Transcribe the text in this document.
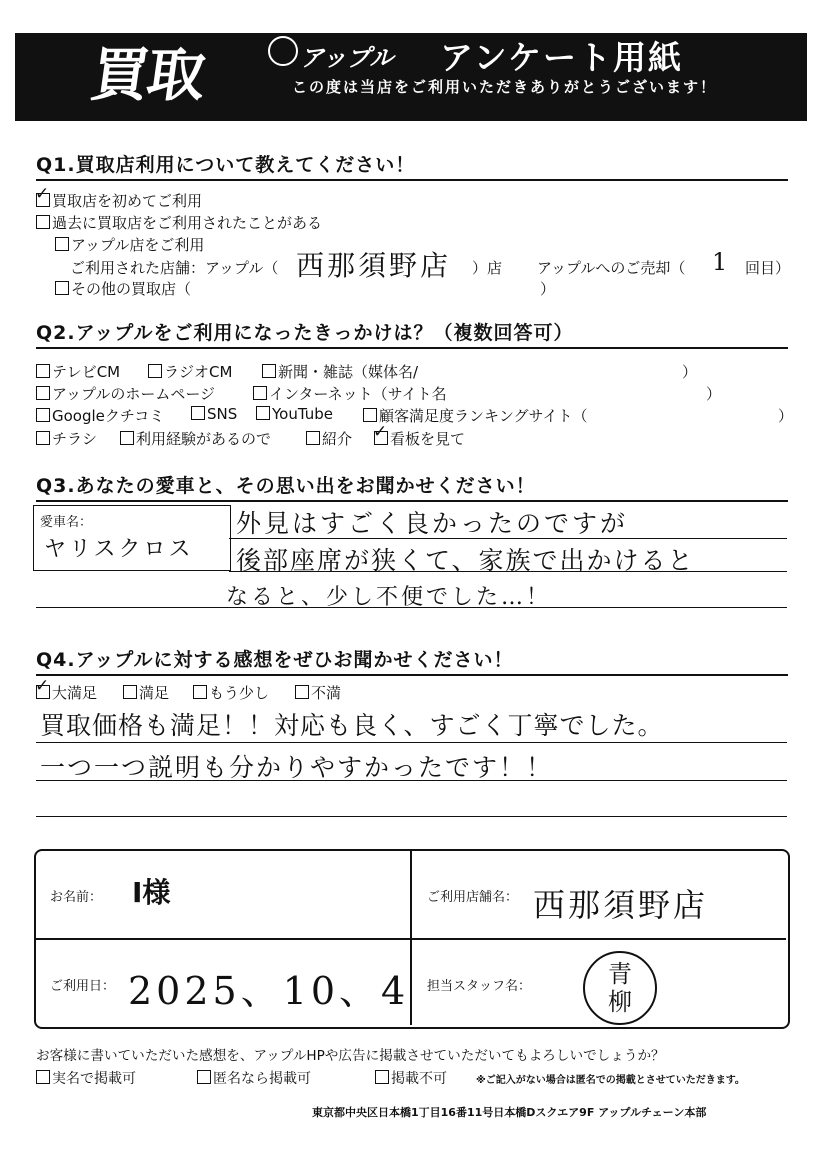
買取	アップル アンケート用紙
この度は当店をご利用いただきありがとうございます！
Q1.買取店利用について教えてください！
✓買取店を初めてご利用
過去に買取店をご利用されたことがある
アップル店をご利用
ご利用された店舗：アップル（ 西那須野店 ）店 アップルへのご売却（ 1 回目）
その他の買取店（	）
Q2.アップルをご利用になったきっかけは？（複数回答可）
テレビCM	ラジオCM	新聞・雑誌（媒体名/	）
アップルのホームページ	インターネット（サイト名	）
Googleクチコミ	SNS	YouTube	顧客満足度ランキングサイト（	）
チラシ	利用経験があるので	紹介
✓	看板を見て
Q3.あなたの愛車と、その思い出をお聞かせください！
愛車名：
ヤリスクロス
外見はすごく良かったのですが
後部座席が狭くて、家族で出かけると
なると、少し不便でした…！
Q4.アップルに対する感想をぜひお聞かせください！
✓大満足	満足	もう少し	不満
買取価格も満足！！対応も良く、すごく丁寧でした。
一つ一つ説明も分かりやすかったです！！
お名前： I様	ご利用店舗名： 西那須野店
ご利用日： 2025、10、4 担当スタッフ名：	青
柳
お客様に書いていただいた感想を、アップルHPや広告に掲載させていただいてもよろしいでしょうか？
実名で掲載可	匿名なら掲載可	掲載不可	※ご記入がない場合は匿名での掲載とさせていただきます。
東京都中央区日本橋1丁目16番11号日本橋Dスクエア9F アップルチェーン本部
